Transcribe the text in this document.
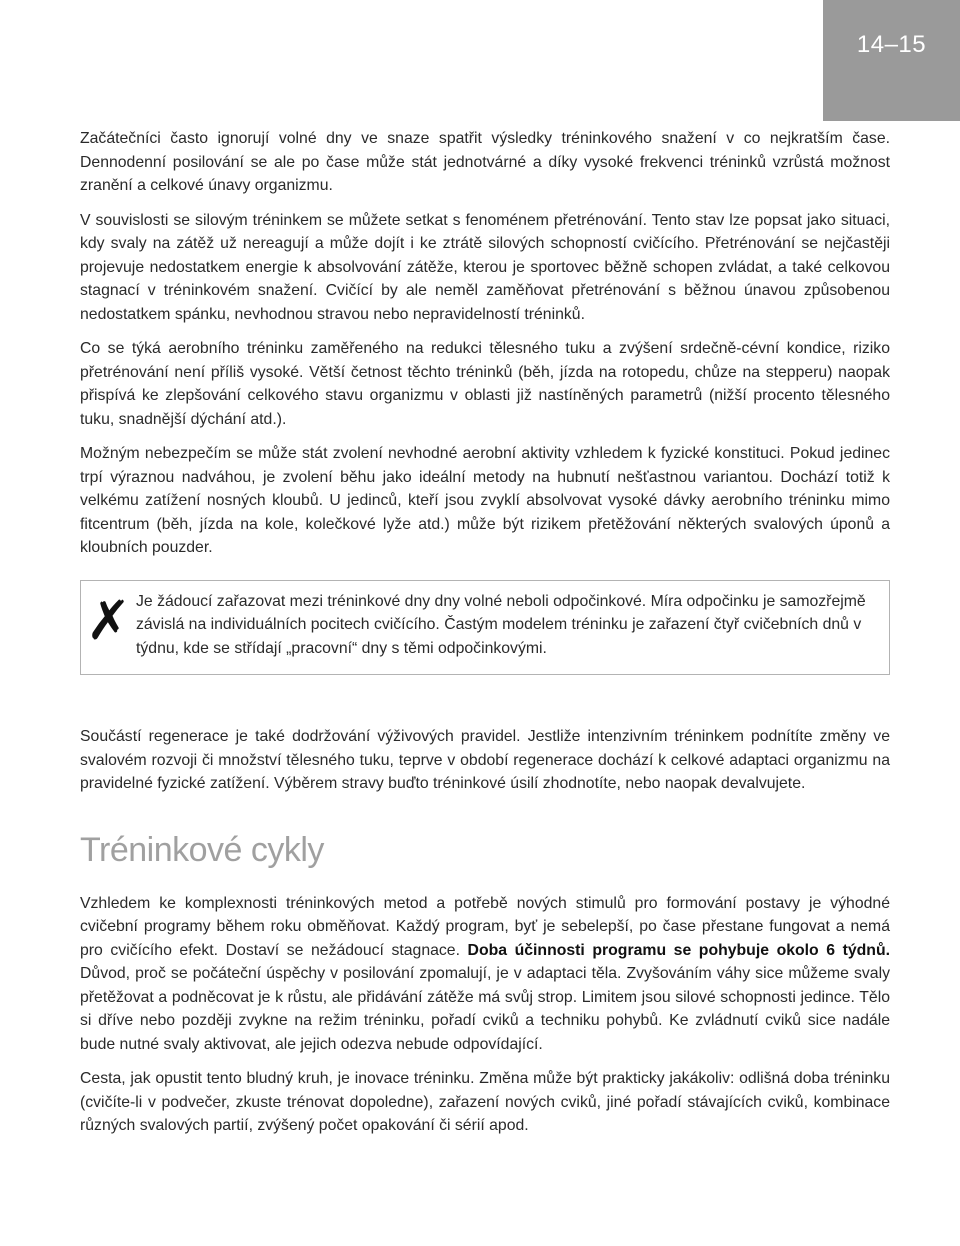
14–15

Začátečníci často ignorují volné dny ve snaze spatřit výsledky tréninkového snažení v co nejkratším čase. Dennodenní posilování se ale po čase může stát jednotvárné a díky vysoké frekvenci tréninků vzrůstá možnost zranění a celkové únavy organizmu.

V souvislosti se silovým tréninkem se můžete setkat s fenoménem přetrénování. Tento stav lze popsat jako situaci, kdy svaly na zátěž už nereagují a může dojít i ke ztrátě silových schopností cvičícího. Přetrénování se nejčastěji projevuje nedostatkem energie k absolvování zátěže, kterou je sportovec běžně schopen zvládat, a také celkovou stagnací v tréninkovém snažení. Cvičící by ale neměl zaměňovat přetrénování s běžnou únavou způsobenou nedostatkem spánku, nevhodnou stravou nebo nepravidelností tréninků.

Co se týká aerobního tréninku zaměřeného na redukci tělesného tuku a zvýšení srdečně-cévní kondice, riziko přetrénování není příliš vysoké. Větší četnost těchto tréninků (běh, jízda na rotopedu, chůze na stepperu) naopak přispívá ke zlepšování celkového stavu organizmu v oblasti již nastíněných parametrů (nižší procento tělesného tuku, snadnější dýchání atd.).

Možným nebezpečím se může stát zvolení nevhodné aerobní aktivity vzhledem k fyzické konstituci. Pokud jedinec trpí výraznou nadváhou, je zvolení běhu jako ideální metody na hubnutí nešťastnou variantou. Dochází totiž k velkému zatížení nosných kloubů. U jedinců, kteří jsou zvyklí absolvovat vysoké dávky aerobního tréninku mimo fitcentrum (běh, jízda na kole, kolečkové lyže atd.) může být rizikem přetěžování některých svalových úponů a kloubních pouzder.

✗ Je žádoucí zařazovat mezi tréninkové dny dny volné neboli odpočinkové. Míra odpočinku je samozřejmě závislá na individuálních pocitech cvičícího. Častým modelem tréninku je zařazení čtyř cvičebních dnů v týdnu, kde se střídají „pracovní“ dny s těmi odpočinkovými.

Součástí regenerace je také dodržování výživových pravidel. Jestliže intenzivním tréninkem podnítíte změny ve svalovém rozvoji či množství tělesného tuku, teprve v období regenerace dochází k celkové adaptaci organizmu na pravidelné fyzické zatížení. Výběrem stravy buďto tréninkové úsilí zhodnotíte, nebo naopak devalvujete.

Tréninkové cykly

Vzhledem ke komplexnosti tréninkových metod a potřebě nových stimulů pro formování postavy je výhodné cvičební programy během roku obměňovat. Každý program, byť je sebelepší, po čase přestane fungovat a nemá pro cvičícího efekt. Dostaví se nežádoucí stagnace. Doba účinnosti programu se pohybuje okolo 6 týdnů. Důvod, proč se počáteční úspěchy v posilování zpomalují, je v adaptaci těla. Zvyšováním váhy sice můžeme svaly přetěžovat a podněcovat je k růstu, ale přidávání zátěže má svůj strop. Limitem jsou silové schopnosti jedince. Tělo si dříve nebo později zvykne na režim tréninku, pořadí cviků a techniku pohybů. Ke zvládnutí cviků sice nadále bude nutné svaly aktivovat, ale jejich odezva nebude odpovídající.

Cesta, jak opustit tento bludný kruh, je inovace tréninku. Změna může být prakticky jakákoliv: odlišná doba tréninku (cvičíte-li v podvečer, zkuste trénovat dopoledne), zařazení nových cviků, jiné pořadí stávajících cviků, kombinace různých svalových partií, zvýšený počet opakování či sérií apod.
